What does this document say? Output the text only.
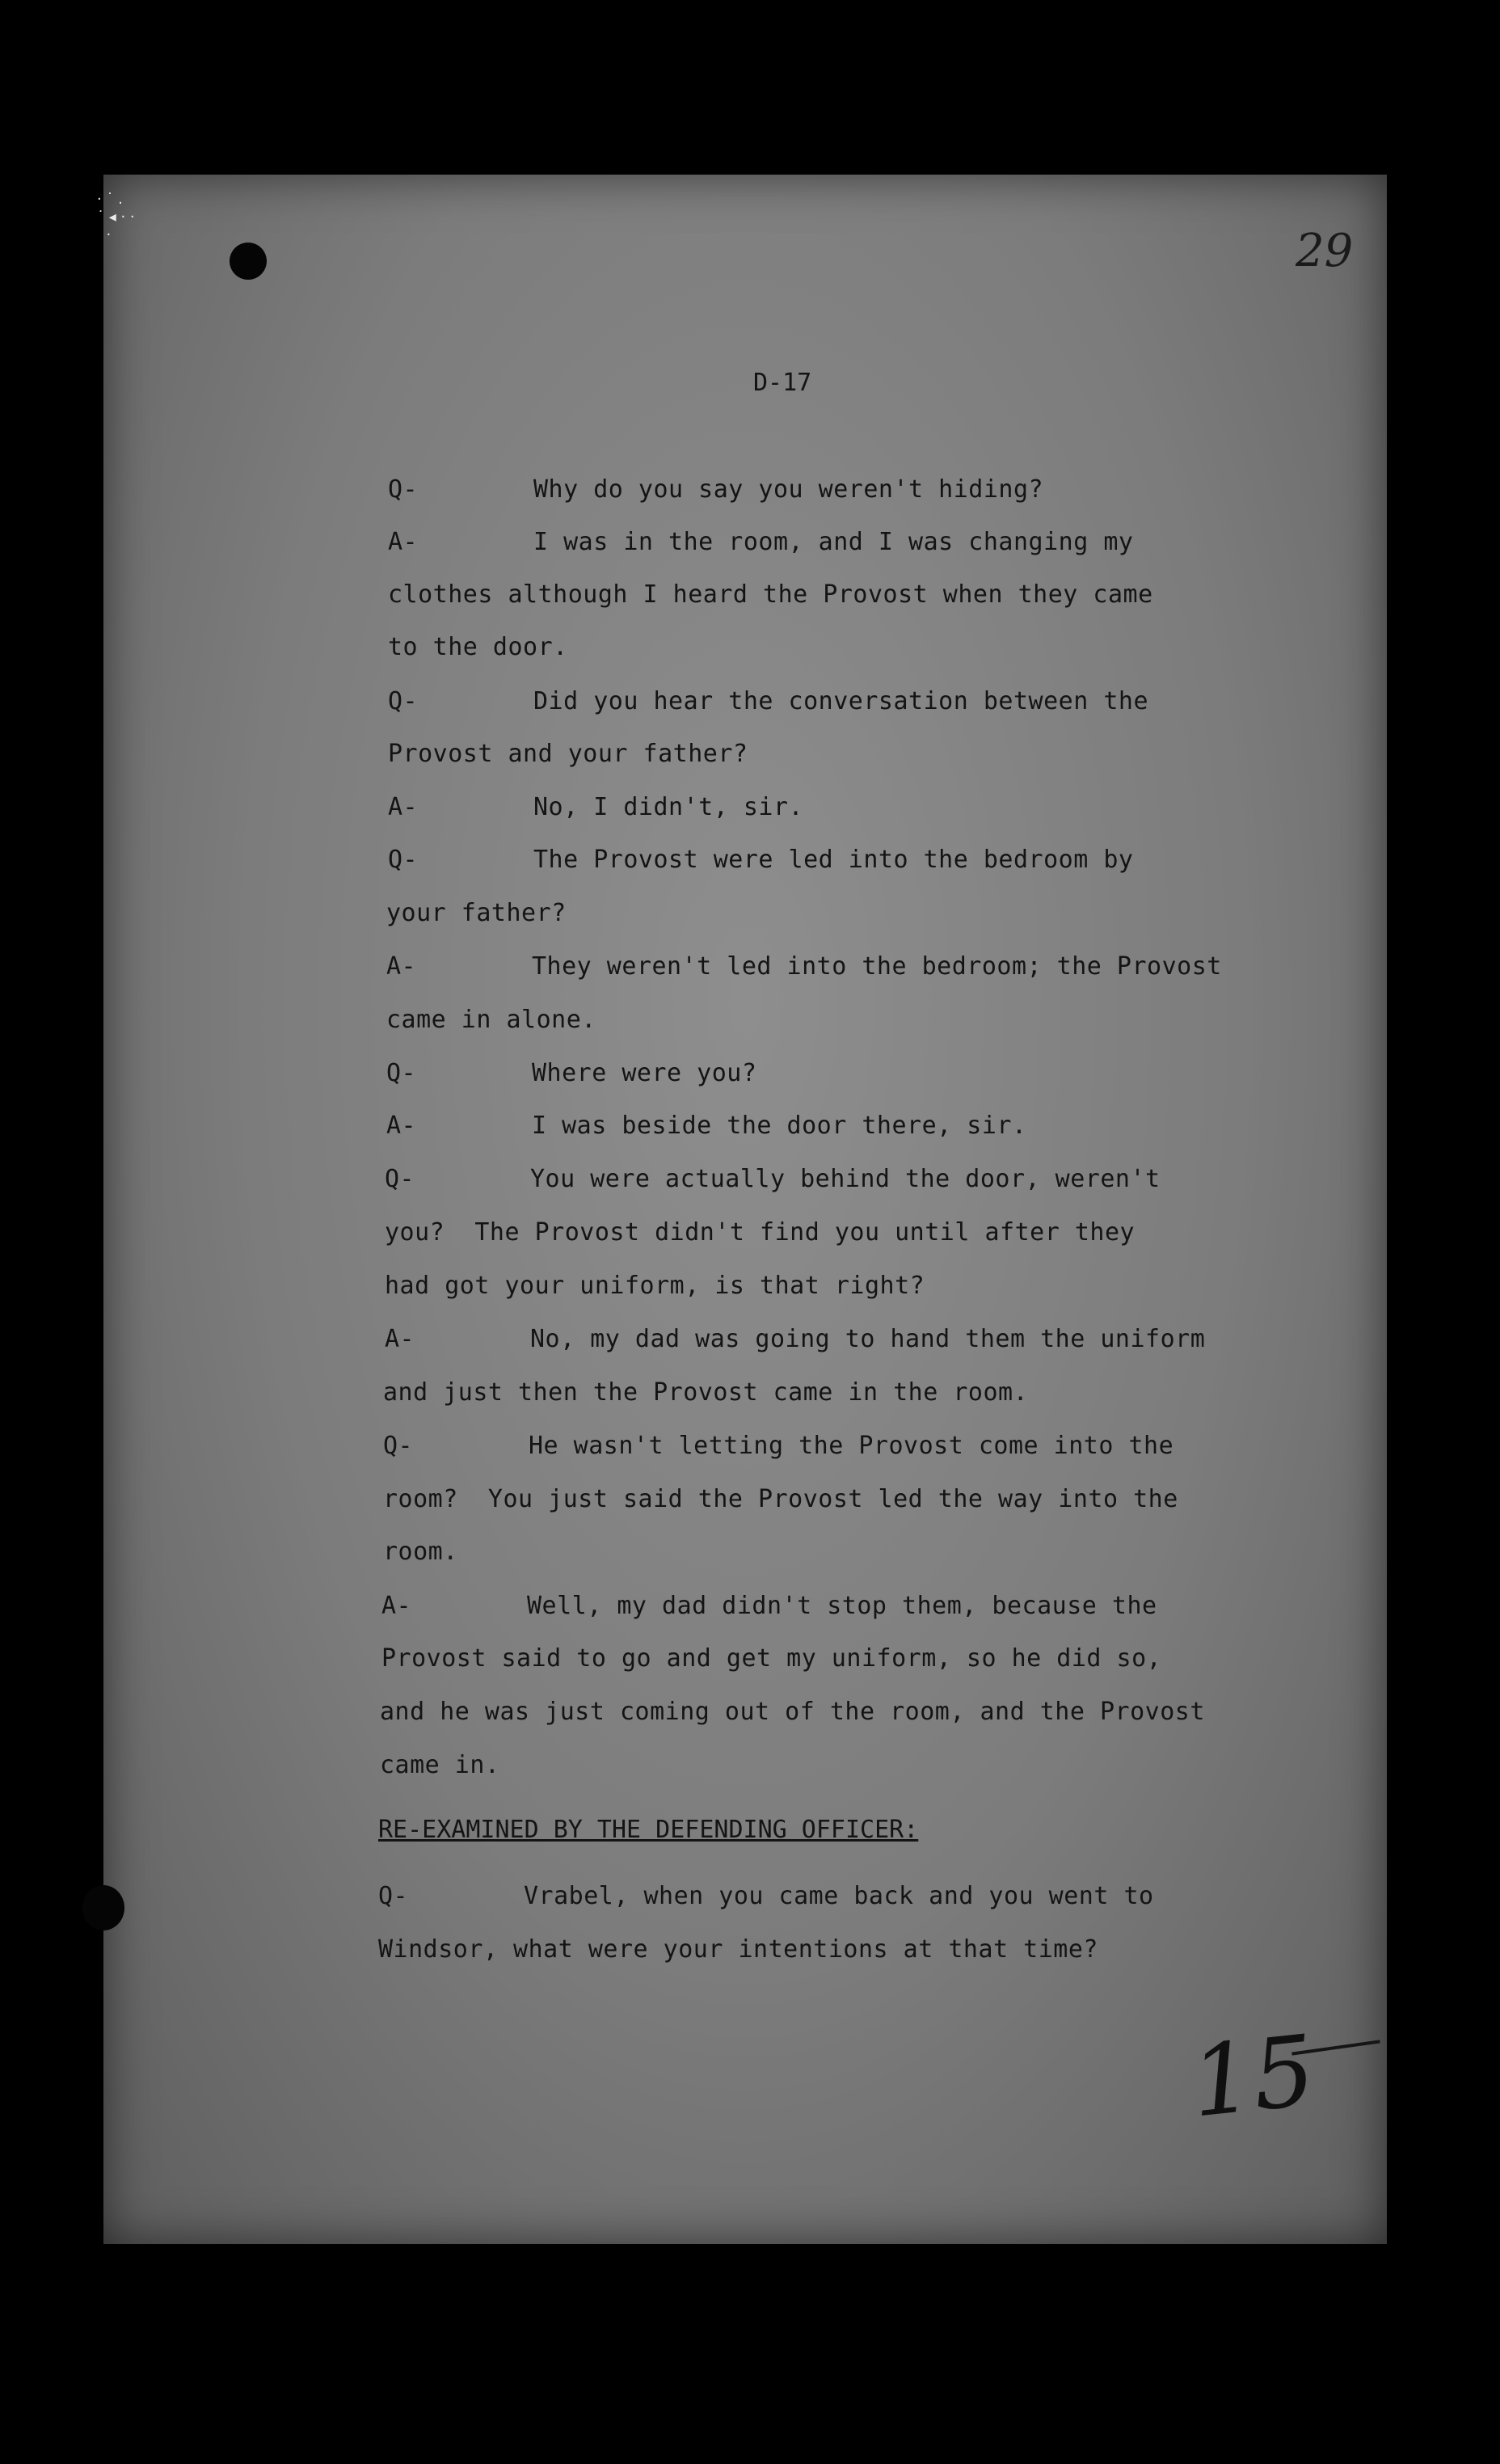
· ˙ .
˙ ◂ · ·
·	29
D-17
Q-	Why do you say you weren't hiding?
A-	I was in the room, and I was changing my
clothes although I heard the Provost when they came
to the door.
Q-	Did you hear the conversation between the
Provost and your father?
A-	No, I didn't, sir.
Q-	The Provost were led into the bedroom by
your father?
A-	They weren't led into the bedroom; the Provost
came in alone.
Q-	Where were you?
A-	I was beside the door there, sir.
Q-	You were actually behind the door, weren't
you?  The Provost didn't find you until after they
had got your uniform, is that right?
A-	No, my dad was going to hand them the uniform
and just then the Provost came in the room.
Q-	He wasn't letting the Provost come into the
room?  You just said the Provost led the way into the
room.
A-	Well, my dad didn't stop them, because the
Provost said to go and get my uniform, so he did so,
and he was just coming out of the room, and the Provost
came in.
RE-EXAMINED BY THE DEFENDING OFFICER:
Q-	Vrabel, when you came back and you went to
Windsor, what were your intentions at that time?
15
